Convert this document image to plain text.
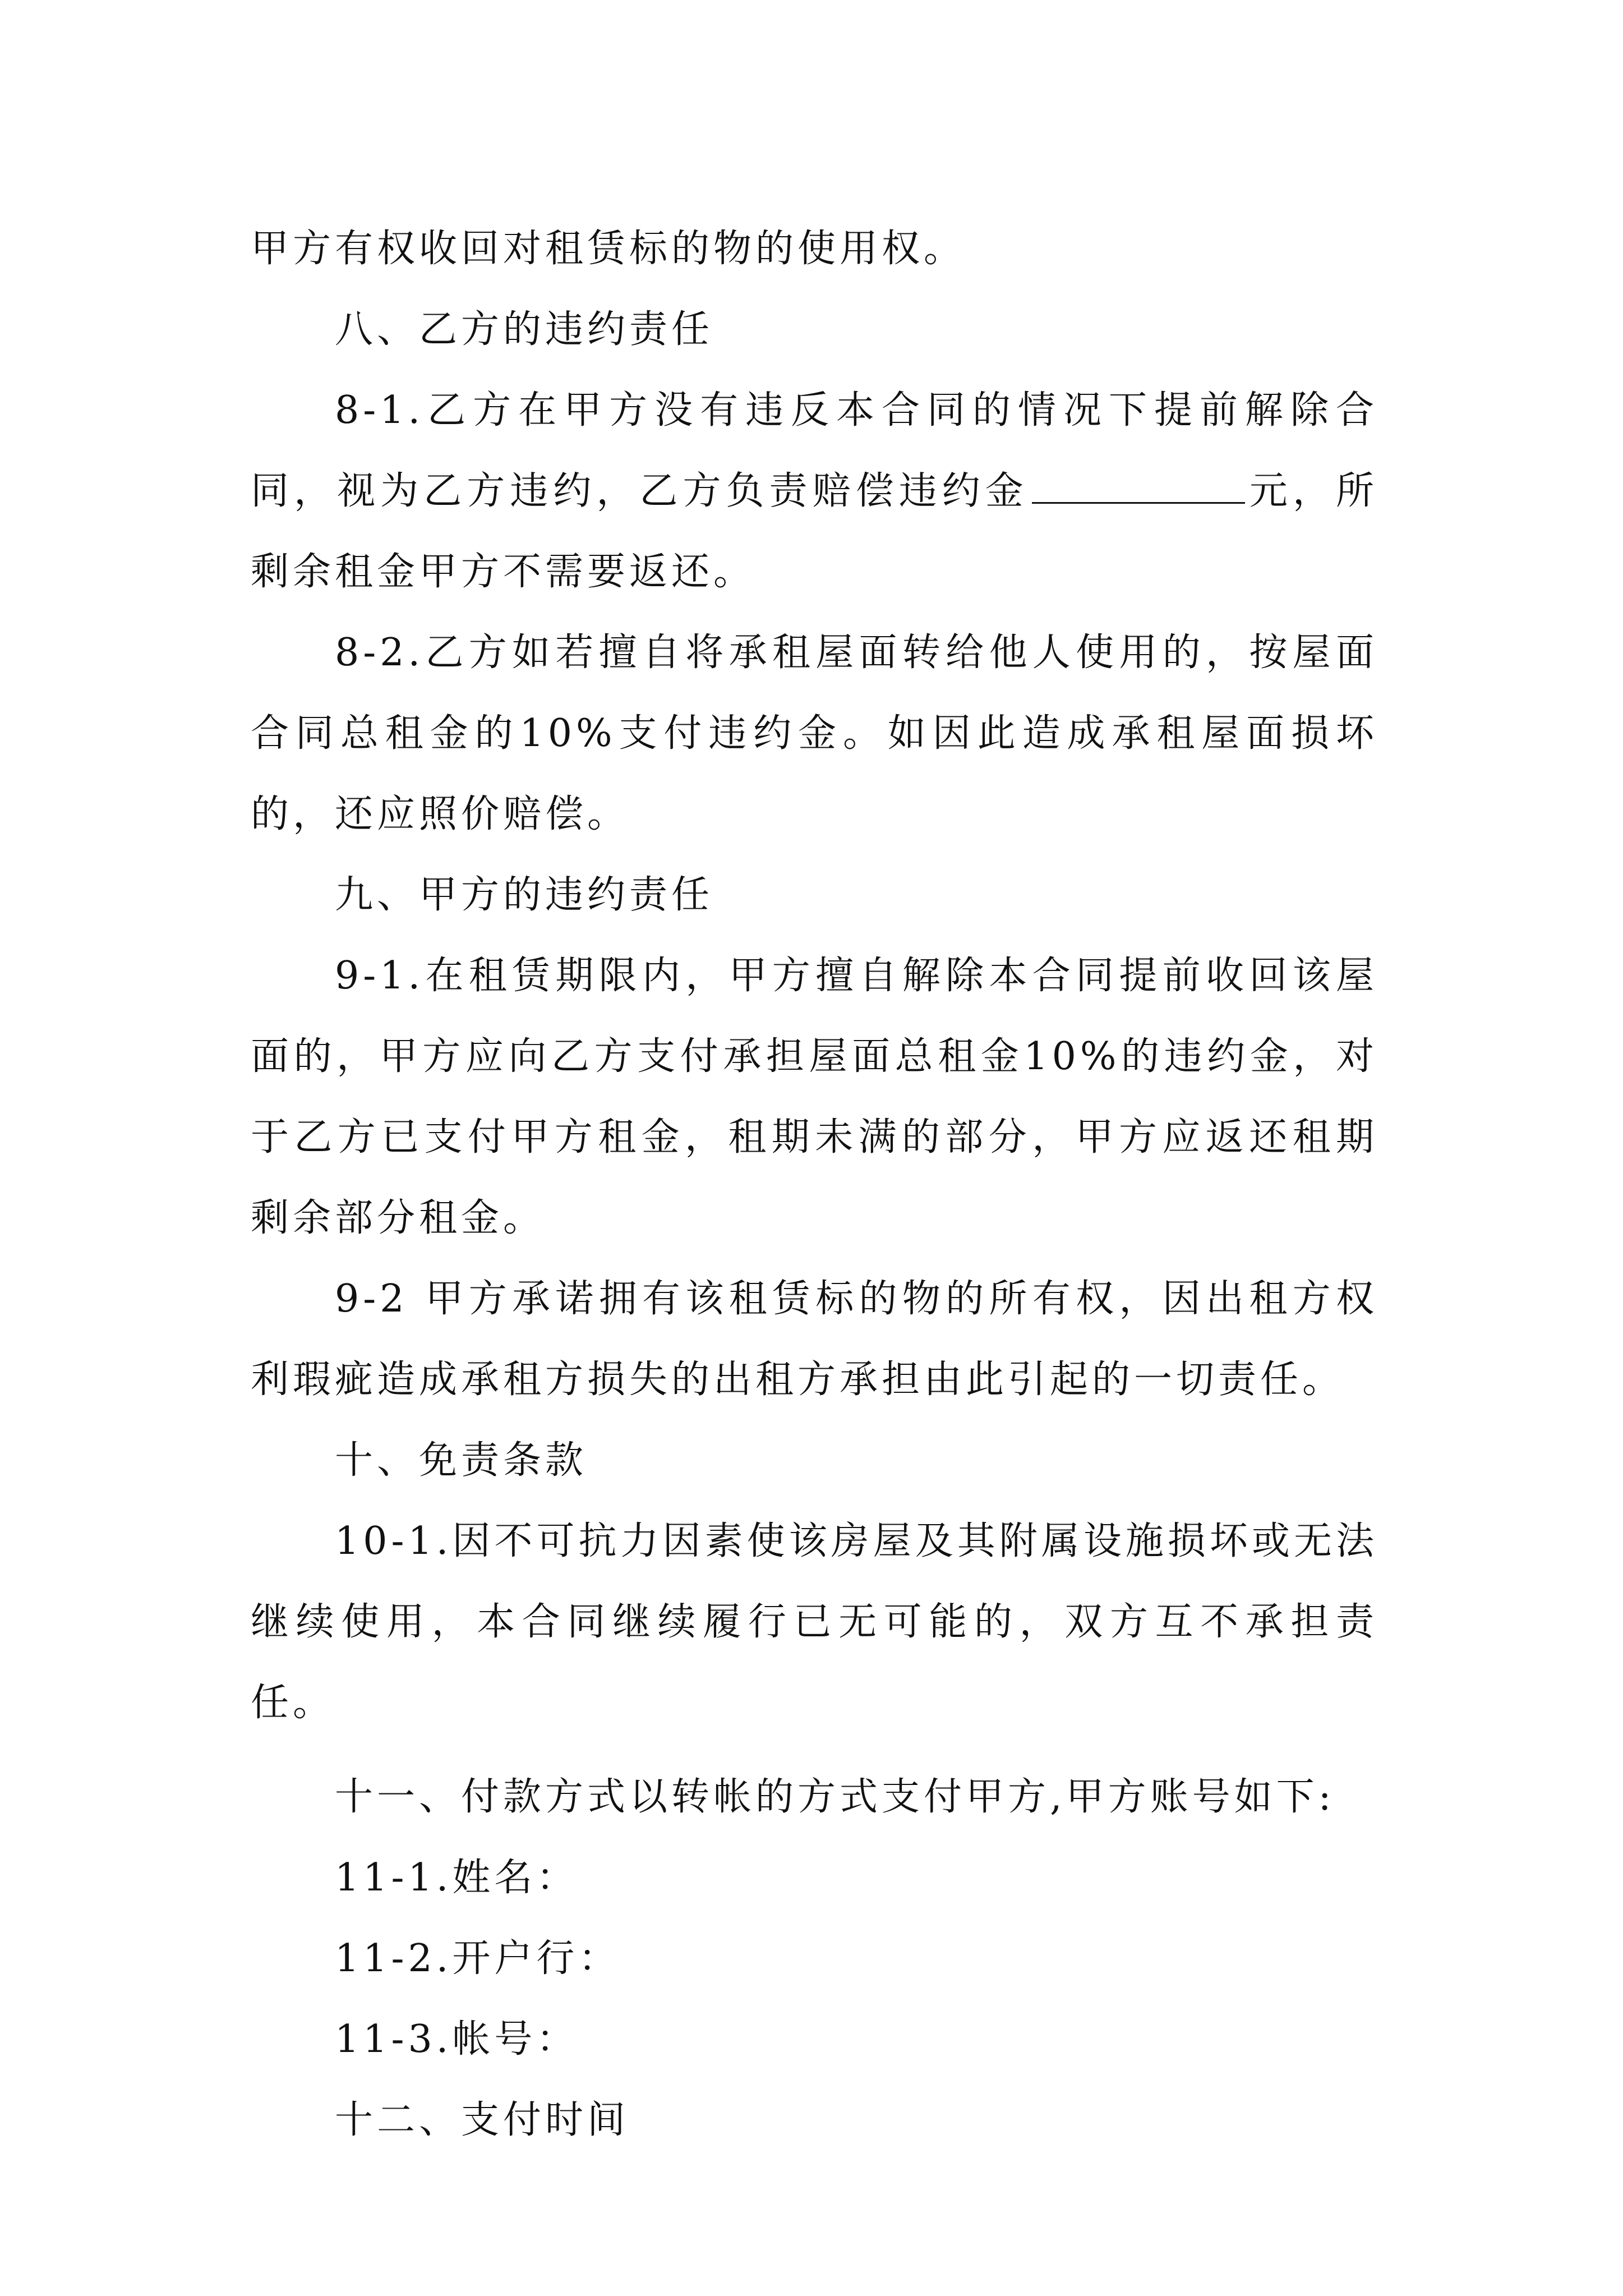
甲方有权收回对租赁标的物的使用权。

八、乙方的违约责任

8-1.乙方在甲方没有违反本合同的情况下提前解除合同，视为乙方违约，乙方负责赔偿违约金	元，所剩余租金甲方不需要返还。

8-2.乙方如若擅自将承租屋面转给他人使用的，按屋面合同总租金的10%支付违约金。如因此造成承租屋面损坏的，还应照价赔偿。

九、甲方的违约责任

9-1.在租赁期限内，甲方擅自解除本合同提前收回该屋面的，甲方应向乙方支付承担屋面总租金10%的违约金，对于乙方已支付甲方租金，租期未满的部分，甲方应返还租期剩余部分租金。

9-2 甲方承诺拥有该租赁标的物的所有权，因出租方权利瑕疵造成承租方损失的出租方承担由此引起的一切责任。

十、免责条款

10-1.因不可抗力因素使该房屋及其附属设施损坏或无法继续使用，本合同继续履行已无可能的，双方互不承担责任。

十一、付款方式以转帐的方式支付甲方,甲方账号如下:

11-1.姓名：

11-2.开户行：

11-3.帐号：

十二、支付时间
